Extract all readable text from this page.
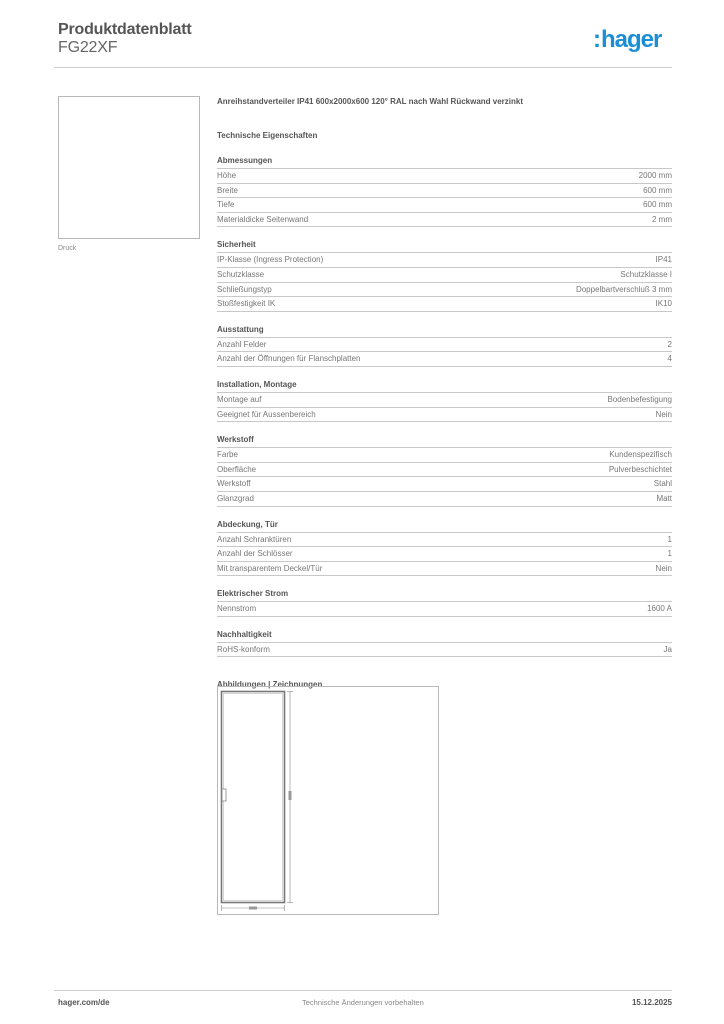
Produktdatenblatt
FG22XF	:hager
Druck
Anreihstandverteiler IP41 600x2000x600 120° RAL nach Wahl Rückwand verzinkt
Technische Eigenschaften
Abmessungen
Höhe	2000 mm
Breite	600 mm
Tiefe	600 mm
Materialdicke Seitenwand	2 mm
Sicherheit
IP-Klasse (Ingress Protection)	IP41
Schutzklasse	Schutzklasse I
Schließungstyp	Doppelbartverschluß 3 mm
Stoßfestigkeit IK	IK10
Ausstattung
Anzahl Felder	2
Anzahl der Öffnungen für Flanschplatten	4
Installation, Montage
Montage auf	Bodenbefestigung
Geeignet für Aussenbereich	Nein
Werkstoff
Farbe	Kundenspezifisch
Oberfläche	Pulverbeschichtet
Werkstoff	Stahl
Glanzgrad	Matt
Abdeckung, Tür
Anzahl Schranktüren	1
Anzahl der Schlösser	1
Mit transparentem Deckel/Tür	Nein
Elektrischer Strom
Nennstrom	1600 A
Nachhaltigkeit
RoHS-konform	Ja
Abbildungen | Zeichnungen
hager.com/de	Technische Änderungen vorbehalten	15.12.2025
